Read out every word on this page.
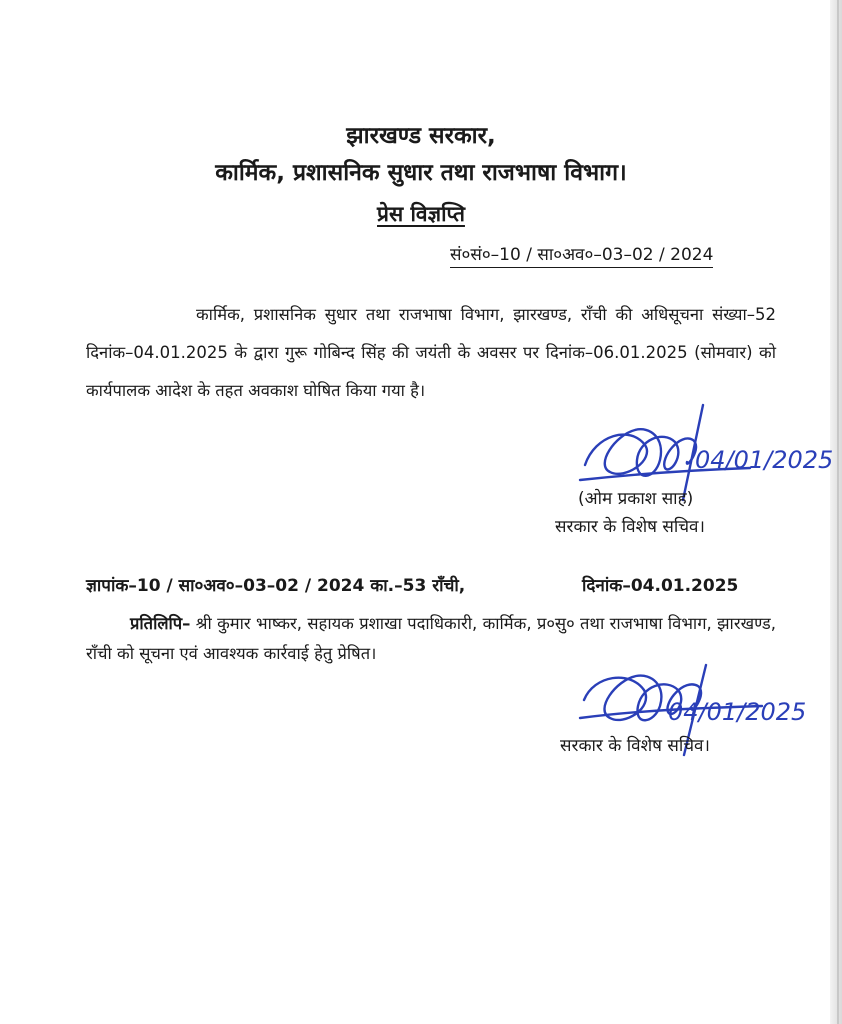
झारखण्ड सरकार,
कार्मिक, प्रशासनिक सुधार तथा राजभाषा विभाग।
प्रेस विज्ञप्ति
सं०सं०–10 / सा०अव०–03–02 / 2024

कार्मिक, प्रशासनिक सुधार तथा राजभाषा विभाग, झारखण्ड, राँची की अधिसूचना संख्या–52 दिनांक–04.01.2025 के द्वारा गुरू गोबिन्द सिंह की जयंती के अवसर पर दिनांक–06.01.2025 (सोमवार) को कार्यपालक आदेश के तहत अवकाश घोषित किया गया है।

04/01/2025
(ओम प्रकाश साह)
सरकार के विशेष सचिव।
ज्ञापांक–10 / सा०अव०–03–02 / 2024 का.–53 राँची,	दिनांक–04.01.2025

प्रतिलिपि– श्री कुमार भाष्कर, सहायक प्रशाखा पदाधिकारी, कार्मिक, प्र०सु० तथा राजभाषा विभाग, झारखण्ड, राँची को सूचना एवं आवश्यक कार्रवाई हेतु प्रेषित।

04/01/2025
सरकार के विशेष सचिव।
